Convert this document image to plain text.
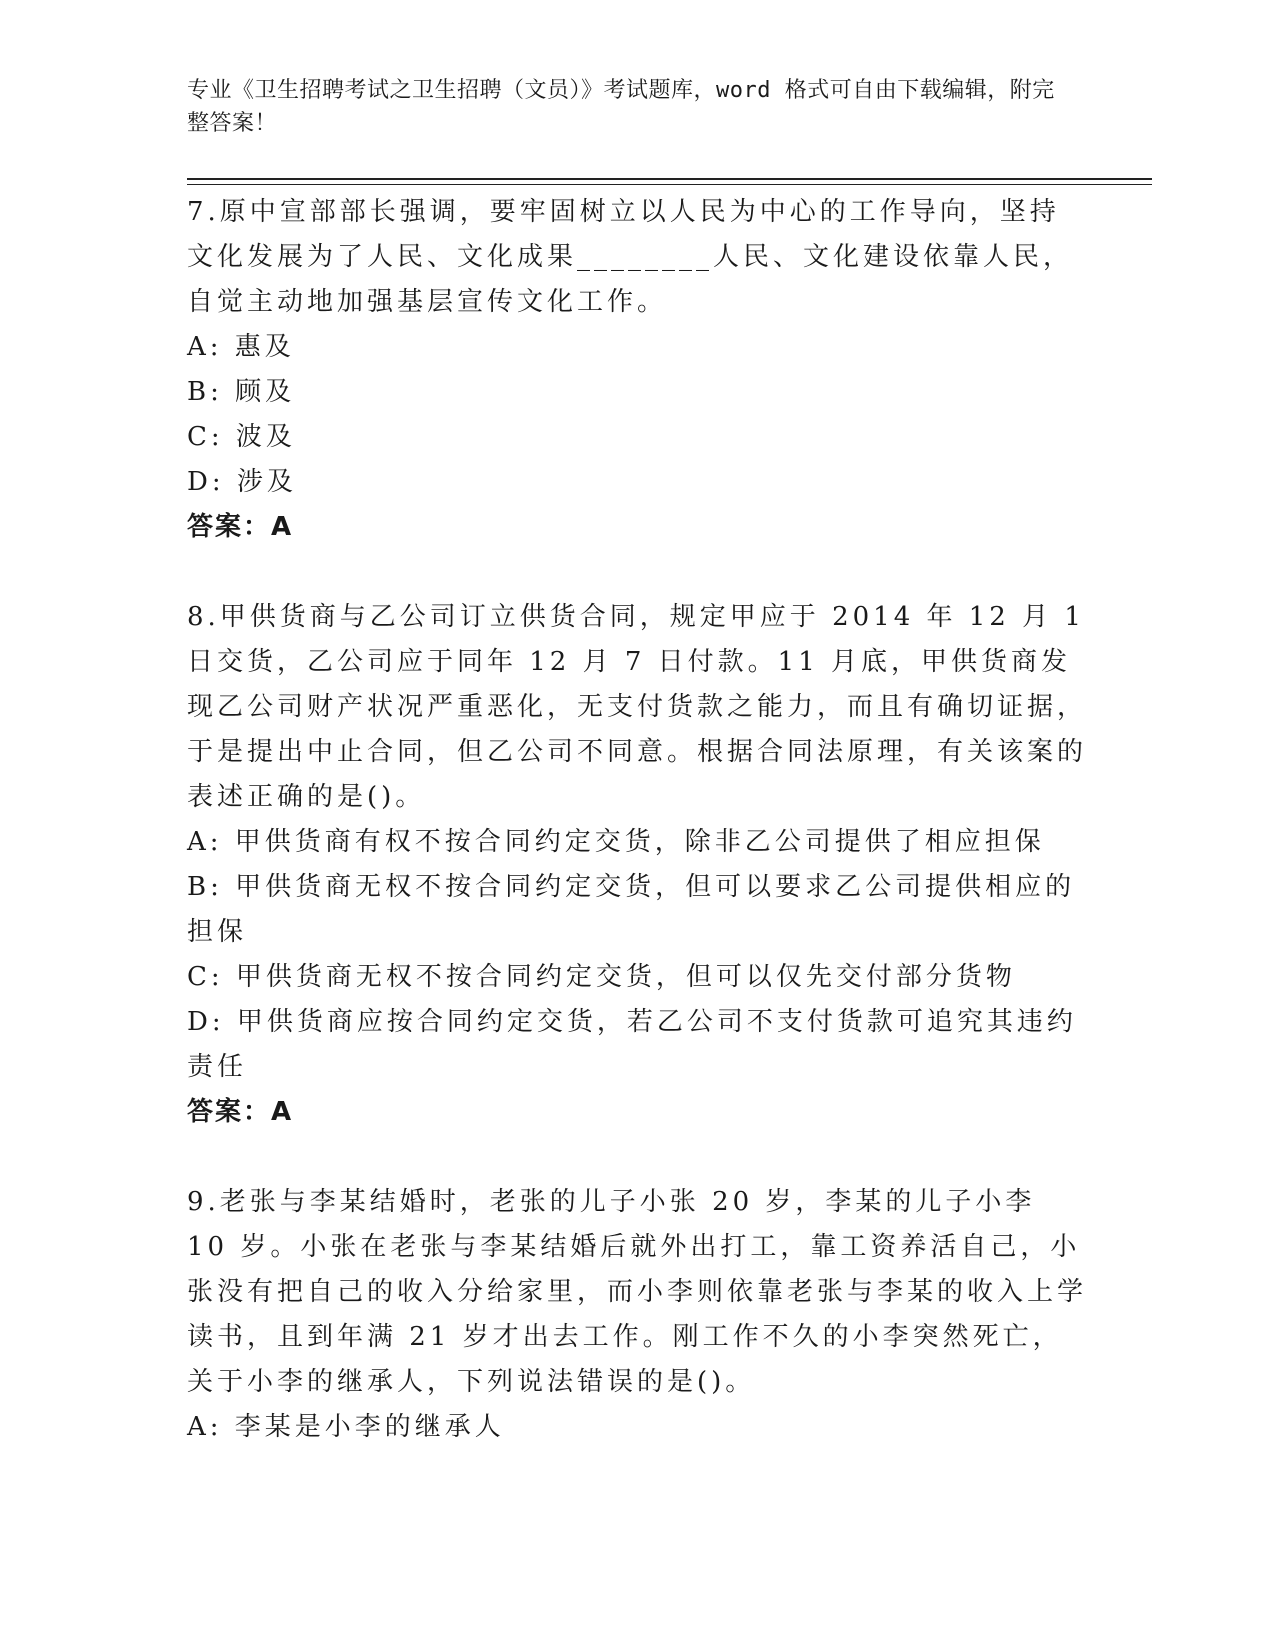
专业《卫生招聘考试之卫生招聘（文员）》考试题库，word 格式可自由下载编辑，附完整答案！

7.原中宣部部长强调，要牢固树立以人民为中心的工作导向，坚持文化发展为了人民、文化成果________人民、文化建设依靠人民，自觉主动地加强基层宣传文化工作。

A: 惠及

B: 顾及

C: 波及

D: 涉及

答案：A

8.甲供货商与乙公司订立供货合同，规定甲应于 2014 年 12 月 1 日交货，乙公司应于同年 12 月 7 日付款。11 月底，甲供货商发现乙公司财产状况严重恶化，无支付货款之能力，而且有确切证据，于是提出中止合同，但乙公司不同意。根据合同法原理，有关该案的表述正确的是()。

A: 甲供货商有权不按合同约定交货，除非乙公司提供了相应担保

B: 甲供货商无权不按合同约定交货，但可以要求乙公司提供相应的担保

C: 甲供货商无权不按合同约定交货，但可以仅先交付部分货物

D: 甲供货商应按合同约定交货，若乙公司不支付货款可追究其违约责任

答案：A

9.老张与李某结婚时，老张的儿子小张 20 岁，李某的儿子小李 10 岁。小张在老张与李某结婚后就外出打工，靠工资养活自己，小张没有把自己的收入分给家里，而小李则依靠老张与李某的收入上学读书，且到年满 21 岁才出去工作。刚工作不久的小李突然死亡，关于小李的继承人，下列说法错误的是()。

A: 李某是小李的继承人
